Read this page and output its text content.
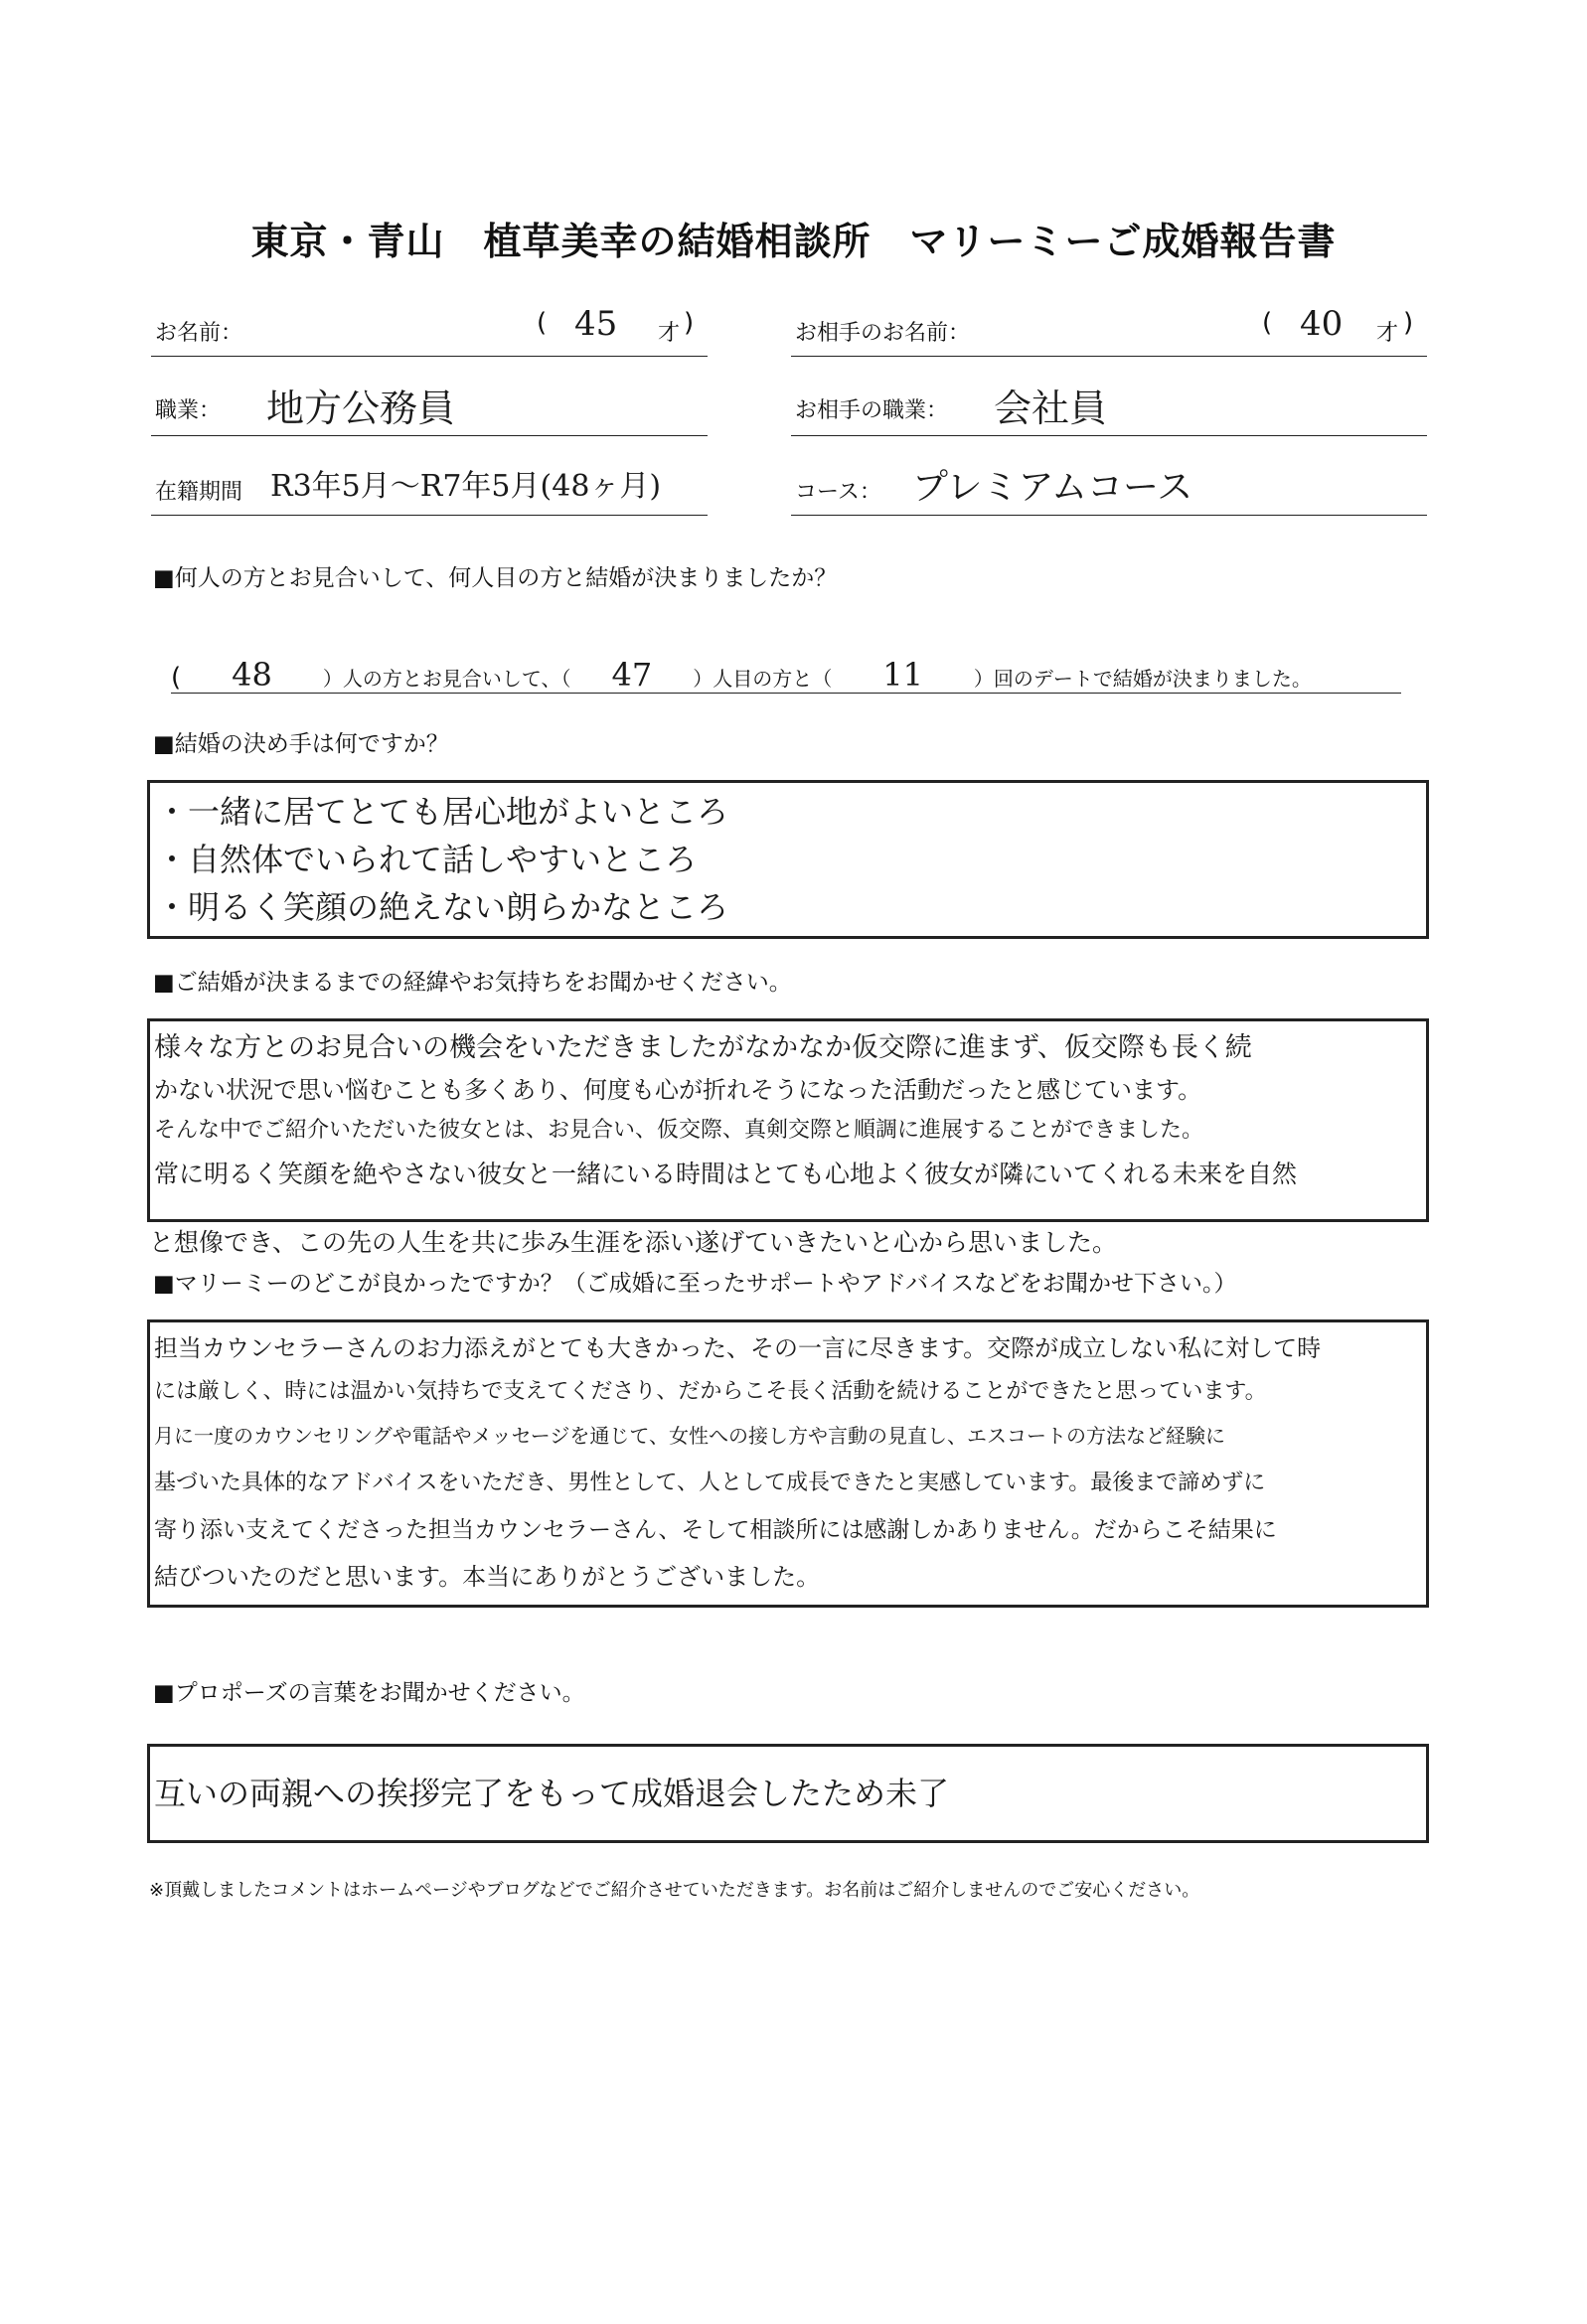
東京・青山　植草美幸の結婚相談所　マリーミーご成婚報告書
お名前：	( 45 才 )	お相手のお名前：	( 40 才 )
職業： 地方公務員	お相手の職業： 会社員
在籍期間 R3年5月～R7年5月(48ヶ月)	コース： プレミアムコース
■何人の方とお見合いして、何人目の方と結婚が決まりましたか？
( 48	）人の方とお見合いして、（ 47 ）人目の方と（ 11	）回のデートで結婚が決まりました。
■結婚の決め手は何ですか？
・一緒に居てとても居心地がよいところ
・自然体でいられて話しやすいところ
・明るく笑顔の絶えない朗らかなところ
■ご結婚が決まるまでの経緯やお気持ちをお聞かせください。
様々な方とのお見合いの機会をいただきましたがなかなか仮交際に進まず、仮交際も長く続
かない状況で思い悩むことも多くあり、何度も心が折れそうになった活動だったと感じています。
そんな中でご紹介いただいた彼女とは、お見合い、仮交際、真剣交際と順調に進展することができました。
常に明るく笑顔を絶やさない彼女と一緒にいる時間はとても心地よく彼女が隣にいてくれる未来を自然
と想像でき、この先の人生を共に歩み生涯を添い遂げていきたいと心から思いました。
■マリーミーのどこが良かったですか？（ご成婚に至ったサポートやアドバイスなどをお聞かせ下さい。）
担当カウンセラーさんのお力添えがとても大きかった、その一言に尽きます。交際が成立しない私に対して時
には厳しく、時には温かい気持ちで支えてくださり、だからこそ長く活動を続けることができたと思っています。
月に一度のカウンセリングや電話やメッセージを通じて、女性への接し方や言動の見直し、エスコートの方法など経験に
基づいた具体的なアドバイスをいただき、男性として、人として成長できたと実感しています。最後まで諦めずに
寄り添い支えてくださった担当カウンセラーさん、そして相談所には感謝しかありません。だからこそ結果に
結びついたのだと思います。本当にありがとうございました。
■プロポーズの言葉をお聞かせください。
互いの両親への挨拶完了をもって成婚退会したため未了
※頂戴しましたコメントはホームページやブログなどでご紹介させていただきます。お名前はご紹介しませんのでご安心ください。
